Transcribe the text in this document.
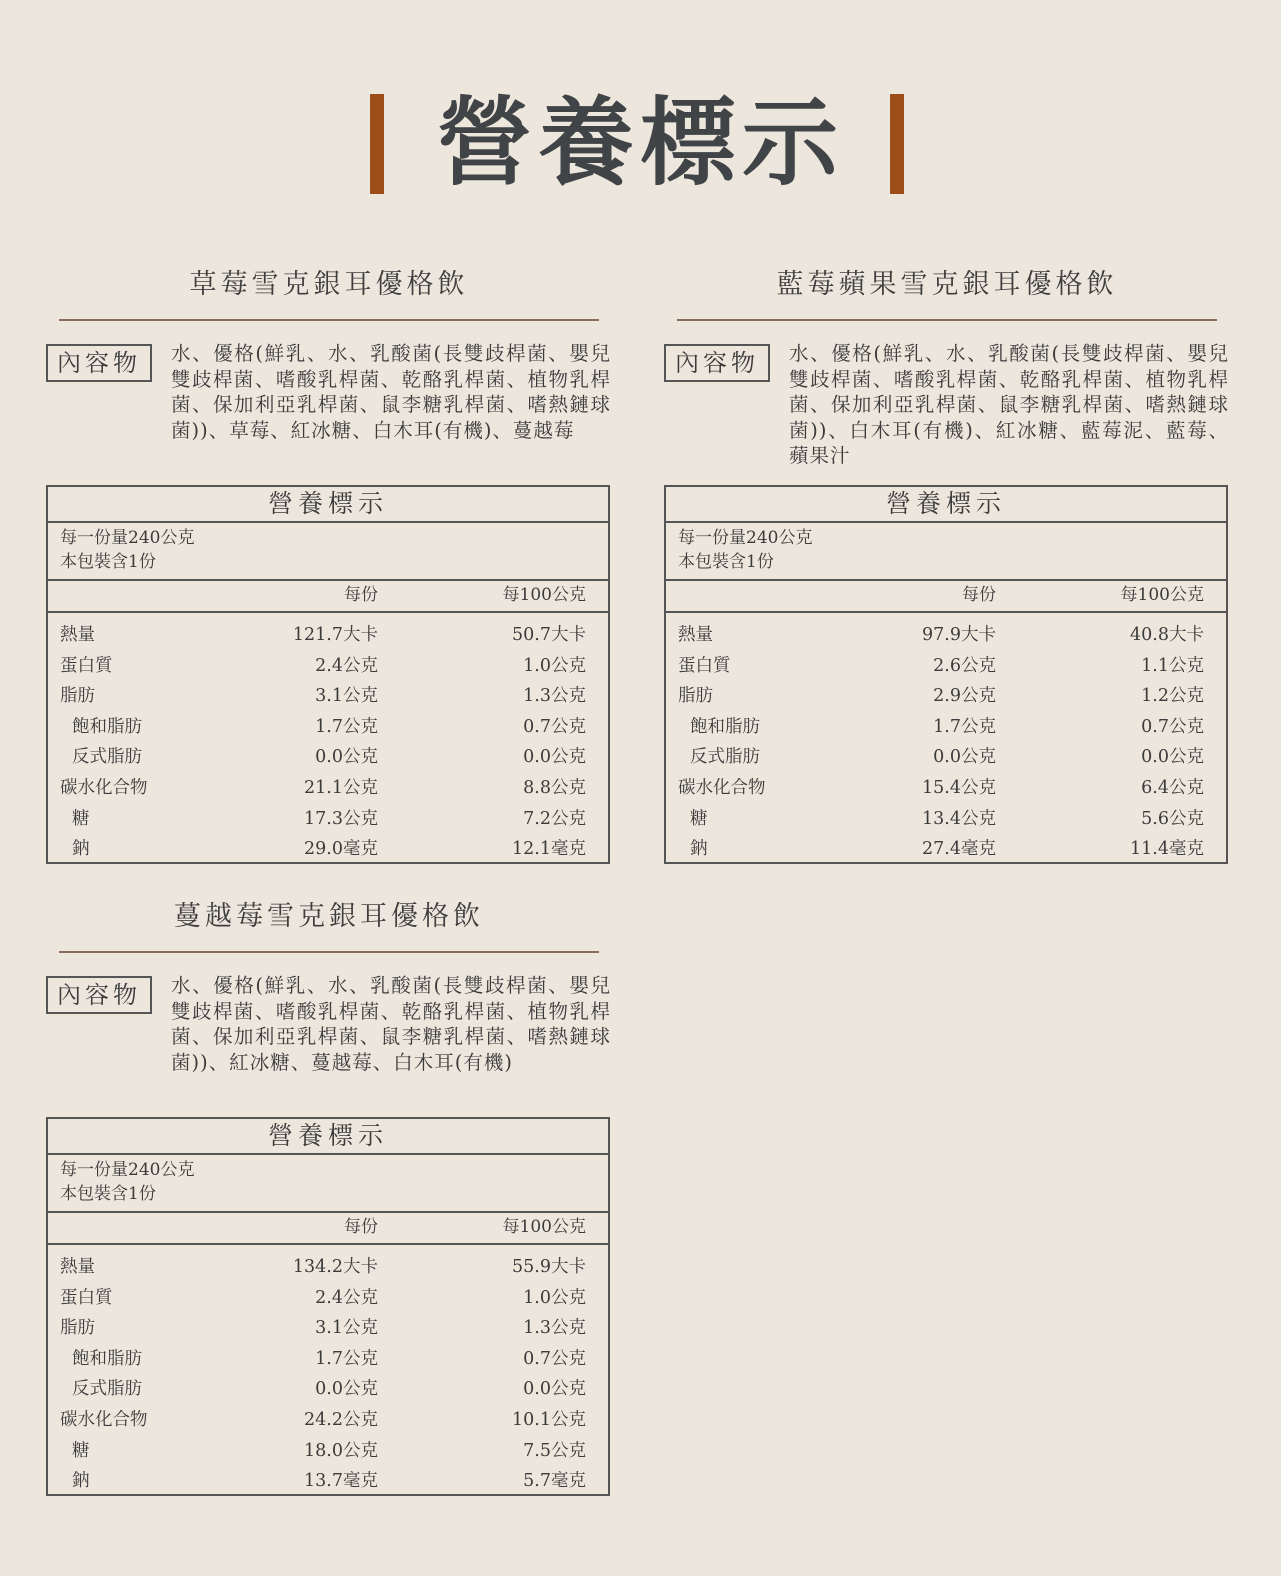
營養標示
草莓雪克銀耳優格飲
內容物	水、優格(鮮乳、水、乳酸菌(長雙歧桿菌、嬰兒雙歧桿菌、嗜酸乳桿菌、乾酪乳桿菌、植物乳桿菌、保加利亞乳桿菌、鼠李糖乳桿菌、嗜熱鏈球菌))、草莓、紅冰糖、白木耳(有機)、蔓越莓
營養標示
每一份量240公克
本包裝含1份
每份	每100公克
熱量	121.7大卡	50.7大卡
蛋白質	2.4公克	1.0公克
脂肪	3.1公克	1.3公克
飽和脂肪	1.7公克	0.7公克
反式脂肪	0.0公克	0.0公克
碳水化合物	21.1公克	8.8公克
糖	17.3公克	7.2公克
鈉	29.0毫克	12.1毫克
藍莓蘋果雪克銀耳優格飲
內容物	水、優格(鮮乳、水、乳酸菌(長雙歧桿菌、嬰兒雙歧桿菌、嗜酸乳桿菌、乾酪乳桿菌、植物乳桿菌、保加利亞乳桿菌、鼠李糖乳桿菌、嗜熱鏈球菌))、白木耳(有機)、紅冰糖、藍莓泥、藍莓、蘋果汁
營養標示
每一份量240公克
本包裝含1份
每份	每100公克
熱量	97.9大卡	40.8大卡
蛋白質	2.6公克	1.1公克
脂肪	2.9公克	1.2公克
飽和脂肪	1.7公克	0.7公克
反式脂肪	0.0公克	0.0公克
碳水化合物	15.4公克	6.4公克
糖	13.4公克	5.6公克
鈉	27.4毫克	11.4毫克
蔓越莓雪克銀耳優格飲
內容物	水、優格(鮮乳、水、乳酸菌(長雙歧桿菌、嬰兒雙歧桿菌、嗜酸乳桿菌、乾酪乳桿菌、植物乳桿菌、保加利亞乳桿菌、鼠李糖乳桿菌、嗜熱鏈球菌))、紅冰糖、蔓越莓、白木耳(有機)
營養標示
每一份量240公克
本包裝含1份
每份	每100公克
熱量	134.2大卡	55.9大卡
蛋白質	2.4公克	1.0公克
脂肪	3.1公克	1.3公克
飽和脂肪	1.7公克	0.7公克
反式脂肪	0.0公克	0.0公克
碳水化合物	24.2公克	10.1公克
糖	18.0公克	7.5公克
鈉	13.7毫克	5.7毫克
